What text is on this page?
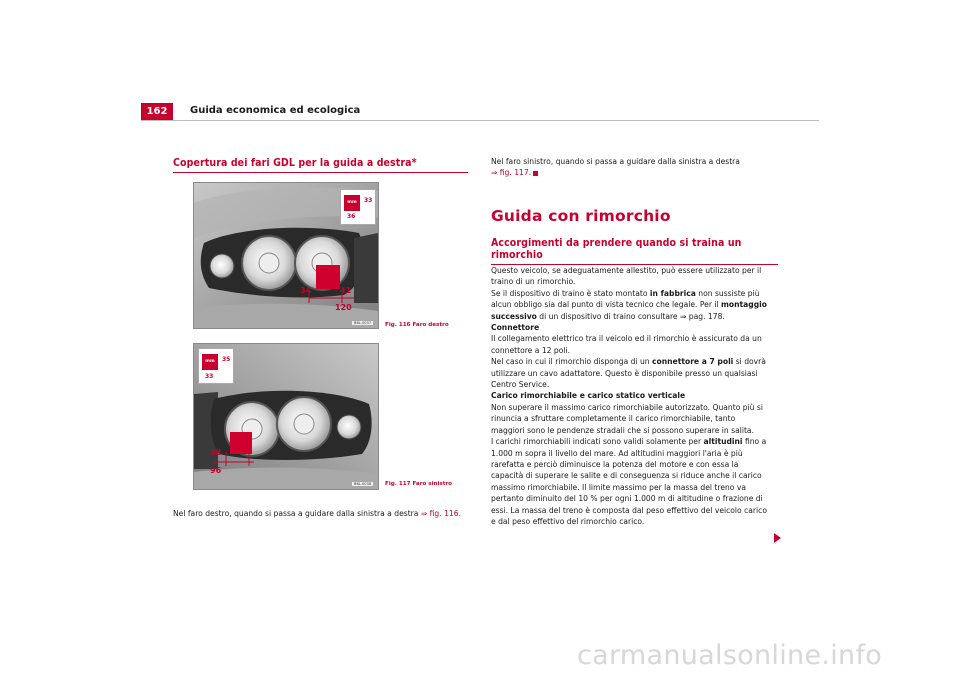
162	Guida economica ed ecologica
Copertura dei fari GDL per la guida a destra*
mm	33
36
34	41
120
B6L-0037	Fig. 116 Faro destro
mm	35
33
38
96
B6L-0038	Fig. 117 Faro sinistro
Nel faro destro, quando si passa a guidare dalla sinistra a destra ⇒ fig. 116.
Nel faro sinistro, quando si passa a guidare dalla sinistra a destra
⇒ fig. 117.
Guida con rimorchio
Accorgimenti da prendere quando si traina un rimorchio
Questo veicolo, se adeguatamente allestito, può essere utilizzato per il traino di un rimorchio.
Se il dispositivo di traino è stato montato in fabbrica non sussiste più alcun obbligo sia dal punto di vista tecnico che legale. Per il montaggio successivo di un dispositivo di traino consultare ⇒ pag. 178.
Connettore
Il collegamento elettrico tra il veicolo ed il rimorchio è assicurato da un connettore a 12 poli.
Nel caso in cui il rimorchio disponga di un connettore a 7 poli si dovrà utilizzare un cavo adattatore. Questo è disponibile presso un qualsiasi Centro Service.
Carico rimorchiabile e carico statico verticale
Non superare il massimo carico rimorchiabile autorizzato. Quanto più si rinuncia a sfruttare completamente il carico rimorchiabile, tanto maggiori sono le pendenze stradali che si possono superare in salita.
I carichi rimorchiabili indicati sono validi solamente per altitudini fino a 1.000 m sopra il livello del mare. Ad altitudini maggiori l'aria è più rarefatta e perciò diminuisce la potenza del motore e con essa la capacità di superare le salite e di conseguenza si riduce anche il carico massimo rimorchiabile. Il limite massimo per la massa del treno va pertanto diminuito del 10 % per ogni 1.000 m di altitudine o frazione di essi. La massa del treno è composta dal peso effettivo del veicolo carico e dal peso effettivo del rimorchio carico.
carmanualsonline.info
